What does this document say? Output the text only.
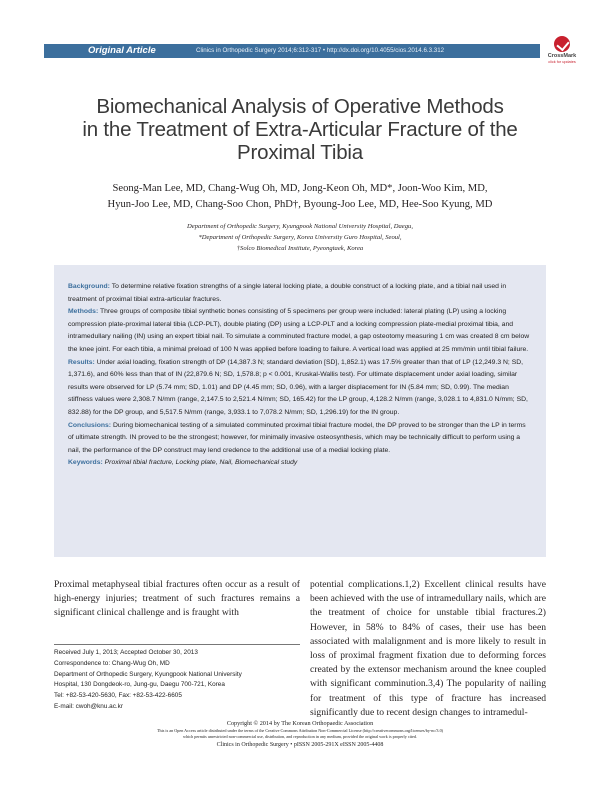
Original Article	Clinics in Orthopedic Surgery 2014;6:312-317 • http://dx.doi.org/10.4055/cios.2014.6.3.312
CrossMark
click for updates
Biomechanical Analysis of Operative Methods
in the Treatment of Extra-Articular Fracture of the
Proximal Tibia
Seong-Man Lee, MD, Chang-Wug Oh, MD, Jong-Keon Oh, MD*, Joon-Woo Kim, MD,
Hyun-Joo Lee, MD, Chang-Soo Chon, PhD†, Byoung-Joo Lee, MD, Hee-Soo Kyung, MD
Department of Orthopedic Surgery, Kyungpook National University Hospital, Daegu,
*Department of Orthopedic Surgery, Korea University Guro Hospital, Seoul,
†Solco Biomedical Institute, Pyeongtaek, Korea

Background: To determine relative fixation strengths of a single lateral locking plate, a double construct of a locking plate, and a tibial nail used in treatment of proximal tibial extra-articular fractures.

Methods: Three groups of composite tibial synthetic bones consisting of 5 specimens per group were included: lateral plating (LP) using a locking compression plate-proximal lateral tibia (LCP-PLT), double plating (DP) using a LCP-PLT and a locking compression plate-medial proximal tibia, and intramedullary nailing (IN) using an expert tibial nail. To simulate a comminuted fracture model, a gap osteotomy measuring 1 cm was created 8 cm below the knee joint. For each tibia, a minimal preload of 100 N was applied before loading to failure. A vertical load was applied at 25 mm/min until tibial failure.

Results: Under axial loading, fixation strength of DP (14,387.3 N; standard deviation [SD], 1,852.1) was 17.5% greater than that of LP (12,249.3 N; SD, 1,371.6), and 60% less than that of IN (22,879.6 N; SD, 1,578.8; p < 0.001, Kruskal-Wallis test). For ultimate displacement under axial loading, similar results were observed for LP (5.74 mm; SD, 1.01) and DP (4.45 mm; SD, 0.96), with a larger displacement for IN (5.84 mm; SD, 0.99). The median stiffness values were 2,308.7 N/mm (range, 2,147.5 to 2,521.4 N/mm; SD, 165.42) for the LP group, 4,128.2 N/mm (range, 3,028.1 to 4,831.0 N/mm; SD, 832.88) for the DP group, and 5,517.5 N/mm (range, 3,933.1 to 7,078.2 N/mm; SD, 1,296.19) for the IN group.

Conclusions: During biomechanical testing of a simulated comminuted proximal tibial fracture model, the DP proved to be stronger than the LP in terms of ultimate strength. IN proved to be the strongest; however, for minimally invasive osteosynthesis, which may be technically difficult to perform using a nail, the performance of the DP construct may lend credence to the additional use of a medial locking plate.

Keywords: Proximal tibial fracture, Locking plate, Nail, Biomechanical study

Proximal metaphyseal tibial fractures often occur as a result of high-energy injuries; treatment of such fractures remains a significant clinical challenge and is fraught with

potential complications.1,2) Excellent clinical results have been achieved with the use of intramedullary nails, which are the treatment of choice for unstable tibial fractures.2) However, in 58% to 84% of cases, their use has been associated with malalignment and is more likely to result in loss of proximal fragment fixation due to deforming forces created by the extensor mechanism around the knee coupled with significant comminution.3,4) The popularity of nailing for treatment of this type of fracture has increased significantly due to recent design changes to intramedul-

Received July 1, 2013; Accepted October 30, 2013
Correspondence to: Chang-Wug Oh, MD
Department of Orthopedic Surgery, Kyungpook National University
Hospital, 130 Dongdeok-ro, Jung-gu, Daegu 700-721, Korea
Tel: +82-53-420-5630, Fax: +82-53-422-6605
E-mail: cwoh@knu.ac.kr
Copyright © 2014 by The Korean Orthopaedic Association
This is an Open Access article distributed under the terms of the Creative Commons Attribution Non-Commercial License (http://creativecommons.org/licenses/by-nc/3.0)
which permits unrestricted non-commercial use, distribution, and reproduction in any medium, provided the original work is properly cited.
Clinics in Orthopedic Surgery • pISSN 2005-291X eISSN 2005-4408
